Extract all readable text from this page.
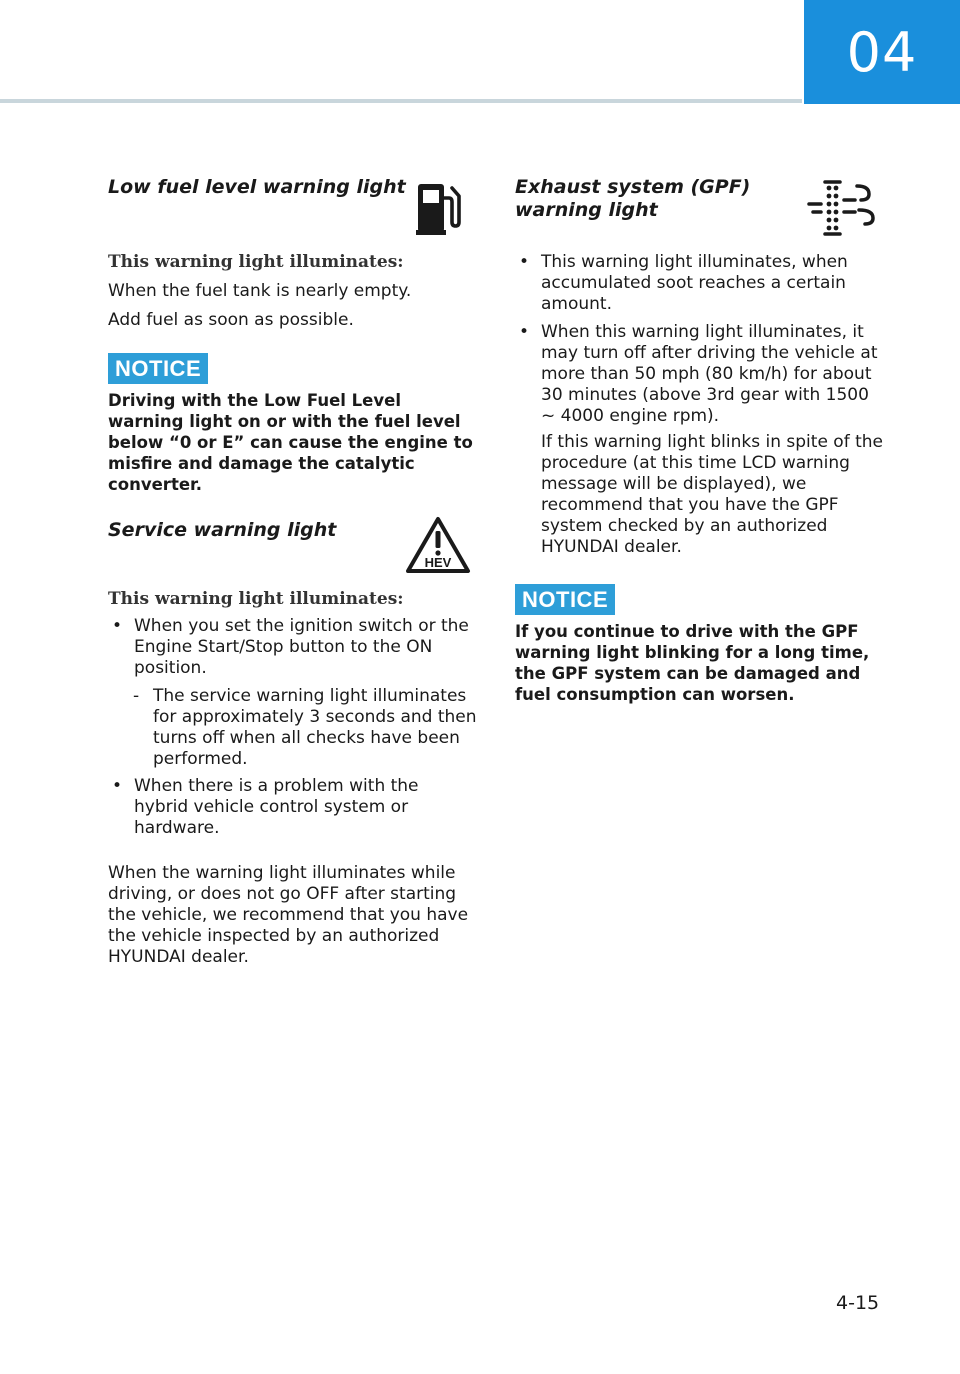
04
Low fuel level warning light

This warning light illuminates:

When the fuel tank is nearly empty.

Add fuel as soon as possible.

NOTICE

Driving with the Low Fuel Level warning light on or with the fuel level below “0 or E” can cause the engine to misfire and damage the catalytic converter.

Service warning light
HEV

This warning light illuminates:

• When you set the ignition switch or the Engine Start/Stop button to the ON position.
- The service warning light illuminates for approximately 3 seconds and then turns off when all checks have been performed.
• When there is a problem with the hybrid vehicle control system or hardware.

When the warning light illuminates while driving, or does not go OFF after starting the vehicle, we recommend that you have the vehicle inspected by an authorized HYUNDAI dealer.

Exhaust system (GPF)
warning light
• This warning light illuminates, when accumulated soot reaches a certain amount.
• When this warning light illuminates, it may turn off after driving the vehicle at more than 50 mph (80 km/h) for about 30 minutes (above 3rd gear with 1500 ~ 4000 engine rpm).
If this warning light blinks in spite of the procedure (at this time LCD warning message will be displayed), we recommend that you have the GPF system checked by an authorized HYUNDAI dealer.
NOTICE

If you continue to drive with the GPF warning light blinking for a long time, the GPF system can be damaged and fuel consumption can worsen.

4-15
